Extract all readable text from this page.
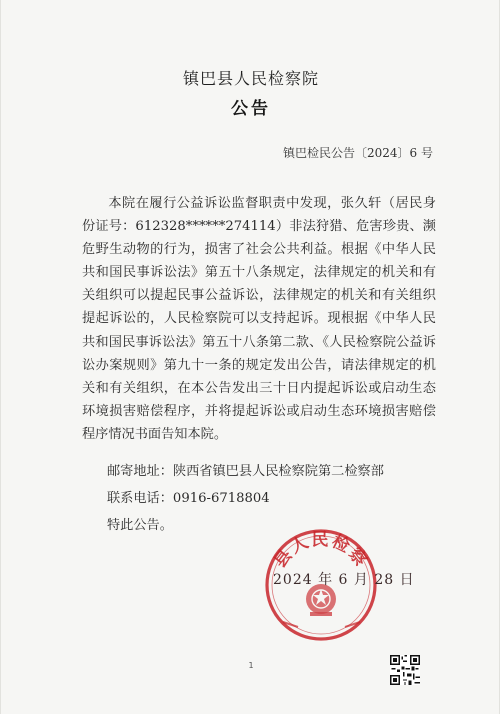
镇巴县人民检察院
公告
镇巴检民公告〔2024〕6 号
本院在履行公益诉讼监督职责中发现，张久轩（居民身份证号：612328******274114）非法狩猎、危害珍贵、濒危野生动物的行为，损害了社会公共利益。根据《中华人民共和国民事诉讼法》第五十八条规定，法律规定的机关和有关组织可以提起民事公益诉讼，法律规定的机关和有关组织提起诉讼的，人民检察院可以支持起诉。现根据《中华人民共和国民事诉讼法》第五十八条第二款、《人民检察院公益诉讼办案规则》第九十一条的规定发出公告，请法律规定的机关和有关组织，在本公告发出三十日内提起诉讼或启动生态环境损害赔偿程序，并将提起诉讼或启动生态环境损害赔偿程序情况书面告知本院。
邮寄地址：陕西省镇巴县人民检察院第二检察部
联系电话：0916-6718804
特此公告。
县人民检察
2024 年 6 月 28 日
1
